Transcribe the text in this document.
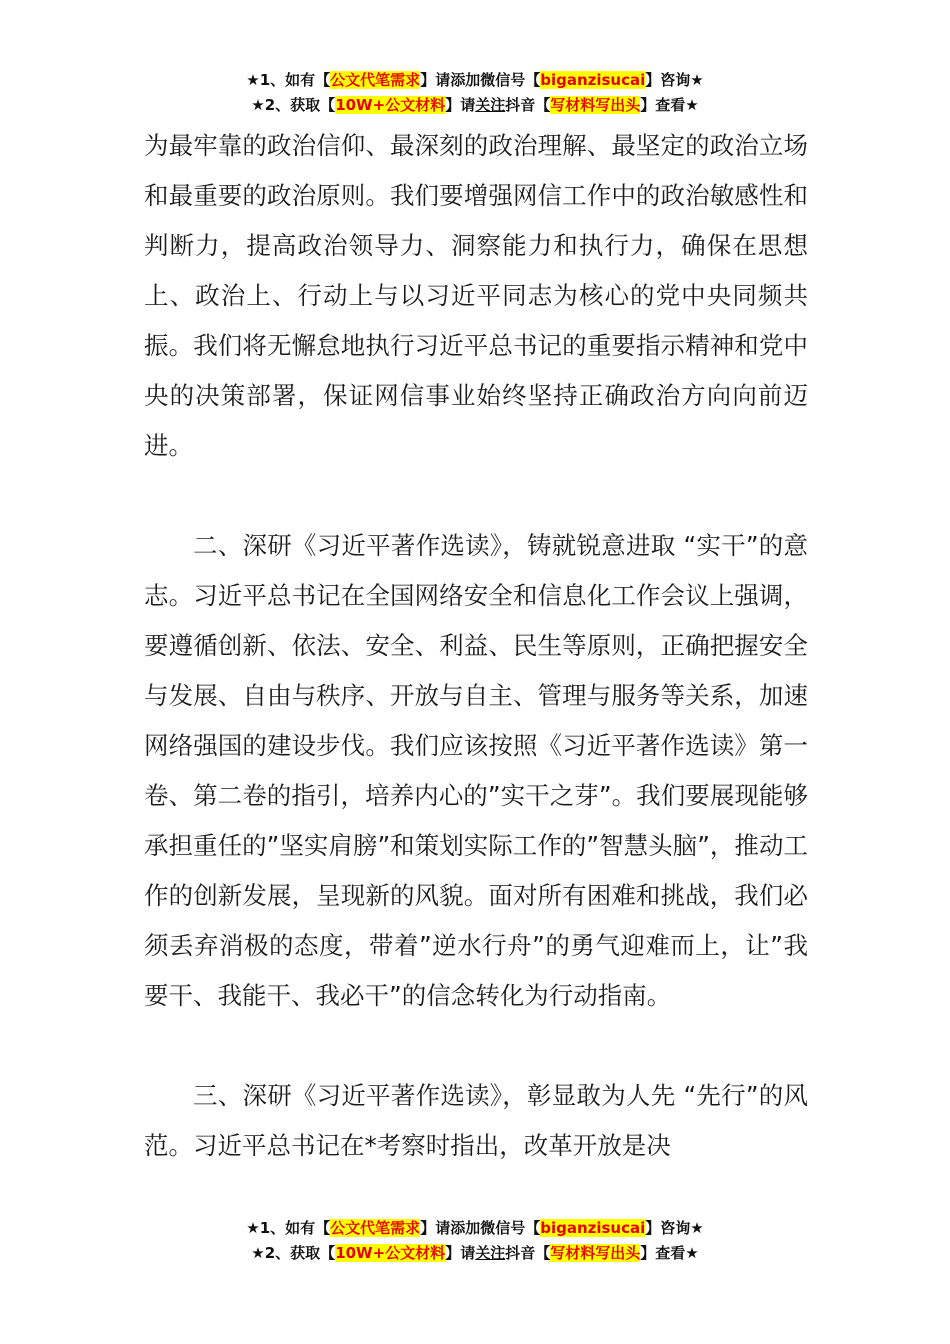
★1、如有【公文代笔需求】请添加微信号【biganzisucai】咨询★
★2、获取【10W+公文材料】请关注抖音【写材料写出头】查看★

为最牢靠的政治信仰、最深刻的政治理解、最坚定的政治立场和最重要的政治原则。我们要增强网信工作中的政治敏感性和判断力，提高政治领导力、洞察能力和执行力，确保在思想上、政治上、行动上与以习近平同志为核心的党中央同频共振。我们将无懈怠地执行习近平总书记的重要指示精神和党中央的决策部署，保证网信事业始终坚持正确政治方向向前迈进。

二、深研《习近平著作选读》，铸就锐意进取 “实干”的意志。习近平总书记在全国网络安全和信息化工作会议上强调，要遵循创新、依法、安全、利益、民生等原则，正确把握安全与发展、自由与秩序、开放与自主、管理与服务等关系，加速网络强国的建设步伐。我们应该按照《习近平著作选读》第一卷、第二卷的指引，培养内心的”实干之芽”。我们要展现能够承担重任的”坚实肩膀”和策划实际工作的”智慧头脑”，推动工作的创新发展，呈现新的风貌。面对所有困难和挑战，我们必须丢弃消极的态度，带着”逆水行舟”的勇气迎难而上，让”我要干、我能干、我必干”的信念转化为行动指南。

三、深研《习近平著作选读》，彰显敢为人先 “先行”的风范。习近平总书记在*考察时指出，改革开放是决

★1、如有【公文代笔需求】请添加微信号【biganzisucai】咨询★
★2、获取【10W+公文材料】请关注抖音【写材料写出头】查看★
